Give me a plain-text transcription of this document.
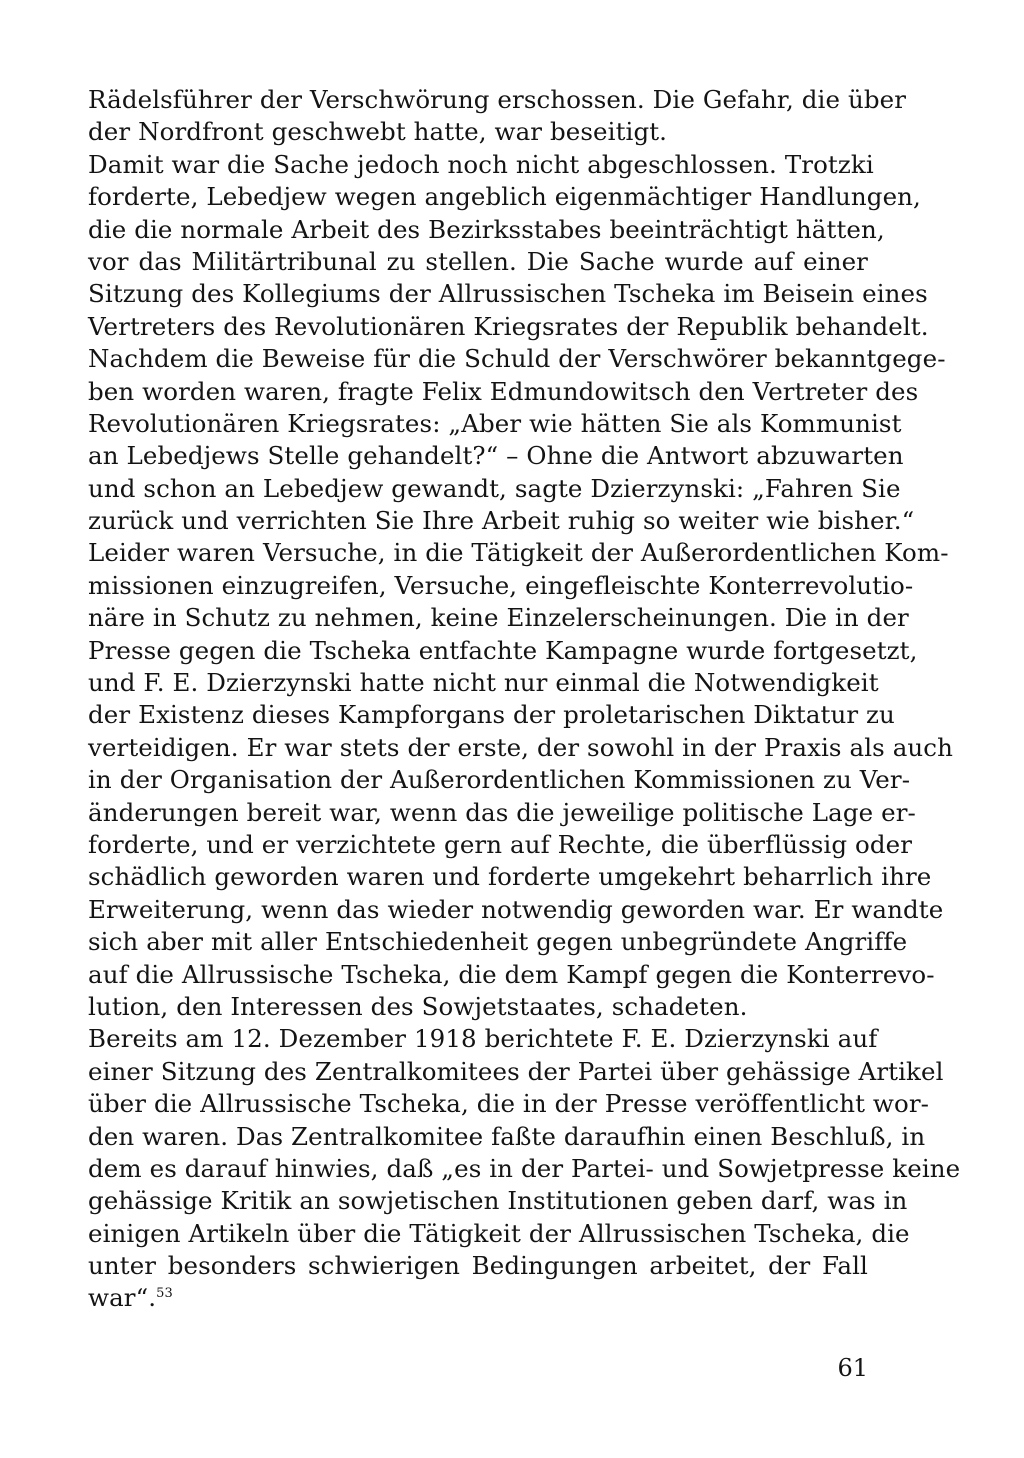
Rädelsführer der Verschwörung erschossen. Die Gefahr, die über
der Nordfront geschwebt hatte, war beseitigt.
Damit war die Sache jedoch noch nicht abgeschlossen. Trotzki
forderte, Lebedjew wegen angeblich eigenmächtiger Handlungen,
die die normale Arbeit des Bezirksstabes beeinträchtigt hätten,
vor das Militärtribunal zu stellen. Die Sache wurde auf einer
Sitzung des Kollegiums der Allrussischen Tscheka im Beisein eines
Vertreters des Revolutionären Kriegsrates der Republik behandelt.
Nachdem die Beweise für die Schuld der Verschwörer bekanntgege-
ben worden waren, fragte Felix Edmundowitsch den Vertreter des
Revolutionären Kriegsrates: „Aber wie hätten Sie als Kommunist
an Lebedjews Stelle gehandelt?“ – Ohne die Antwort abzuwarten
und schon an Lebedjew gewandt, sagte Dzierzynski: „Fahren Sie
zurück und verrichten Sie Ihre Arbeit ruhig so weiter wie bisher.“
Leider waren Versuche, in die Tätigkeit der Außerordentlichen Kom-
missionen einzugreifen, Versuche, eingefleischte Konterrevolutio-
näre in Schutz zu nehmen, keine Einzelerscheinungen. Die in der
Presse gegen die Tscheka entfachte Kampagne wurde fortgesetzt,
und F. E. Dzierzynski hatte nicht nur einmal die Notwendigkeit
der Existenz dieses Kampforgans der proletarischen Diktatur zu
verteidigen. Er war stets der erste, der sowohl in der Praxis als auch
in der Organisation der Außerordentlichen Kommissionen zu Ver-
änderungen bereit war, wenn das die jeweilige politische Lage er-
forderte, und er verzichtete gern auf Rechte, die überflüssig oder
schädlich geworden waren und forderte umgekehrt beharrlich ihre
Erweiterung, wenn das wieder notwendig geworden war. Er wandte
sich aber mit aller Entschiedenheit gegen unbegründete Angriffe
auf die Allrussische Tscheka, die dem Kampf gegen die Konterrevo-
lution, den Interessen des Sowjetstaates, schadeten.
Bereits am 12. Dezember 1918 berichtete F. E. Dzierzynski auf
einer Sitzung des Zentralkomitees der Partei über gehässige Artikel
über die Allrussische Tscheka, die in der Presse veröffentlicht wor-
den waren. Das Zentralkomitee faßte daraufhin einen Beschluß, in
dem es darauf hinwies, daß „es in der Partei- und Sowjetpresse keine
gehässige Kritik an sowjetischen Institutionen geben darf, was in
einigen Artikeln über die Tätigkeit der Allrussischen Tscheka, die
unter besonders schwierigen Bedingungen arbeitet, der Fall
war“.$^{53}$
61
